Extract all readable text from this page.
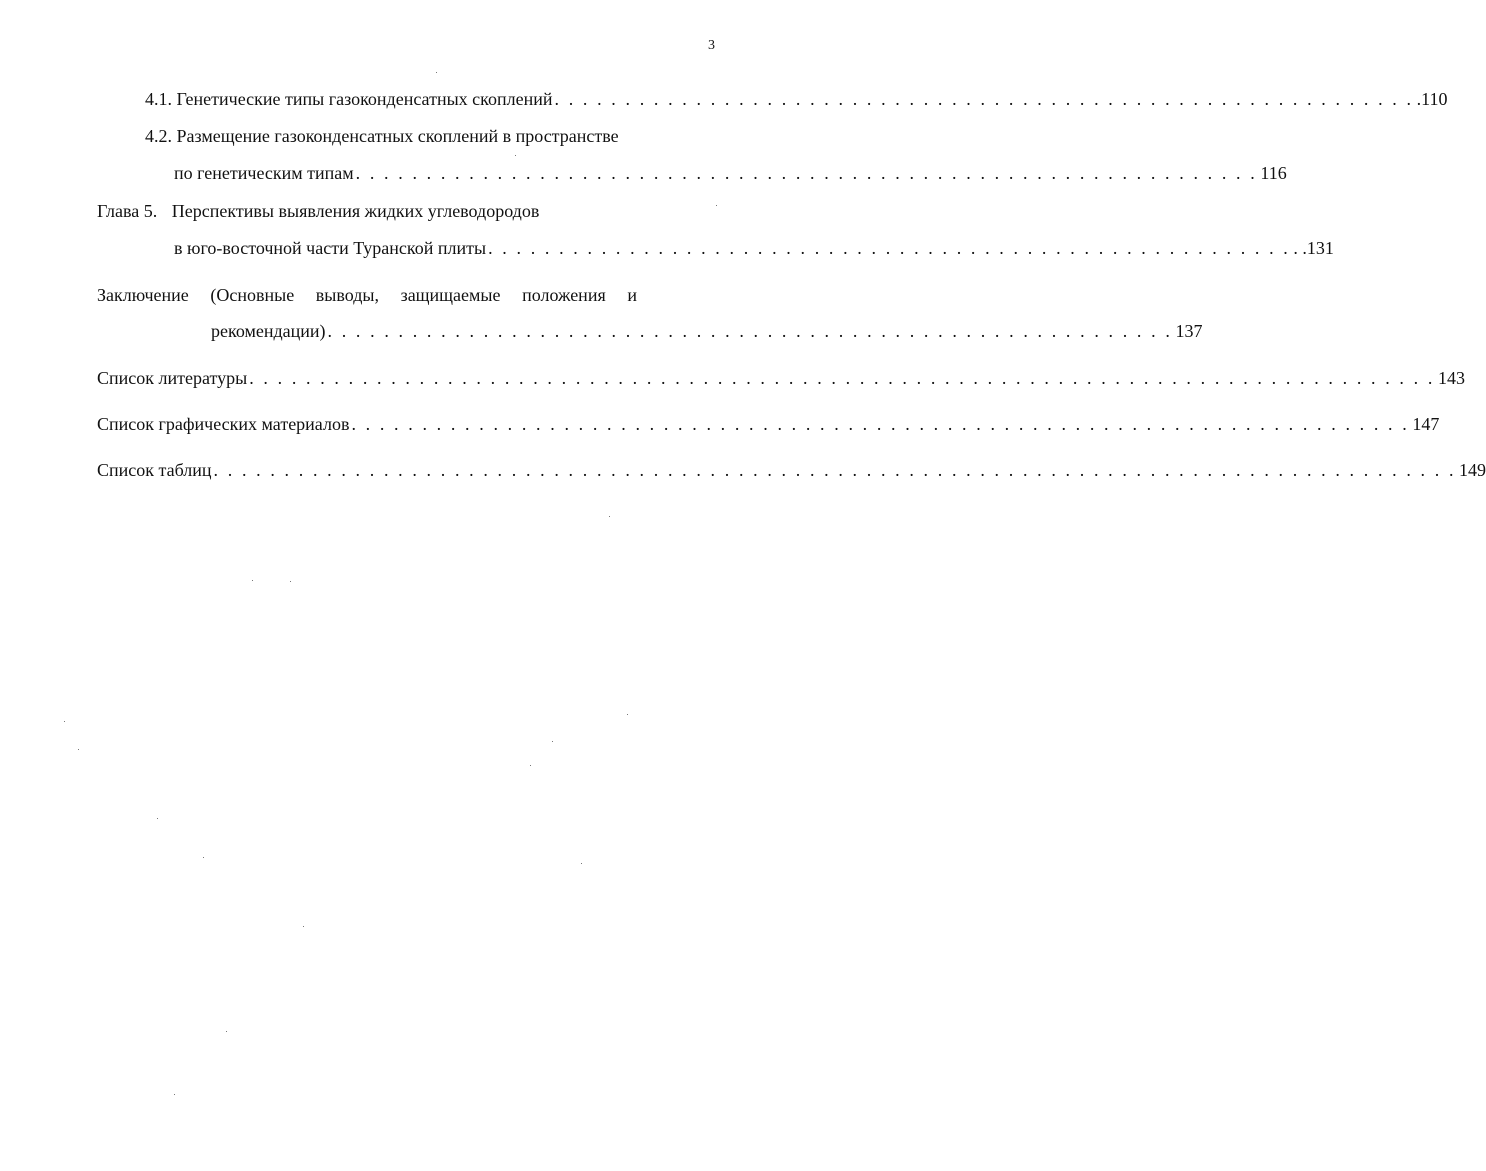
3
4.1. Генетические типы газоконденсатных скоплений . . . . . . . . . . . . . . . . . . . . . . . . . . . . . . . . . . . . . . . . . . . . . . . . . . . . . . . . . . . . . .110
4.2. Размещение газоконденсатных скоплений в пространстве
по генетическим типам . . . . . . . . . . . . . . . . . . . . . . . . . . . . . . . . . . . . . . . . . . . . . . . . . . . . . . . . . . . . . . . . 116
Глава 5. Перспективы выявления жидких углеводородов
в юго-восточной части Туранской плиты . . . . . . . . . . . . . . . . . . . . . . . . . . . . . . . . . . . . . . . . . . . . . . . . . . . . . . . . . . .131
Заключение (Основные выводы, защищаемые положения и
рекомендации) . . . . . . . . . . . . . . . . . . . . . . . . . . . . . . . . . . . . . . . . . . . . . . . . . . . . . . . . . . . . 137
Список литературы . . . . . . . . . . . . . . . . . . . . . . . . . . . . . . . . . . . . . . . . . . . . . . . . . . . . . . . . . . . . . . . . . . . . . . . . . . . . . . . . . . . . 143
Список графических материалов . . . . . . . . . . . . . . . . . . . . . . . . . . . . . . . . . . . . . . . . . . . . . . . . . . . . . . . . . . . . . . . . . . . . . . . . . . . 147
Список таблиц . . . . . . . . . . . . . . . . . . . . . . . . . . . . . . . . . . . . . . . . . . . . . . . . . . . . . . . . . . . . . . . . . . . . . . . . . . . . . . . . . . . . . . . . 149
